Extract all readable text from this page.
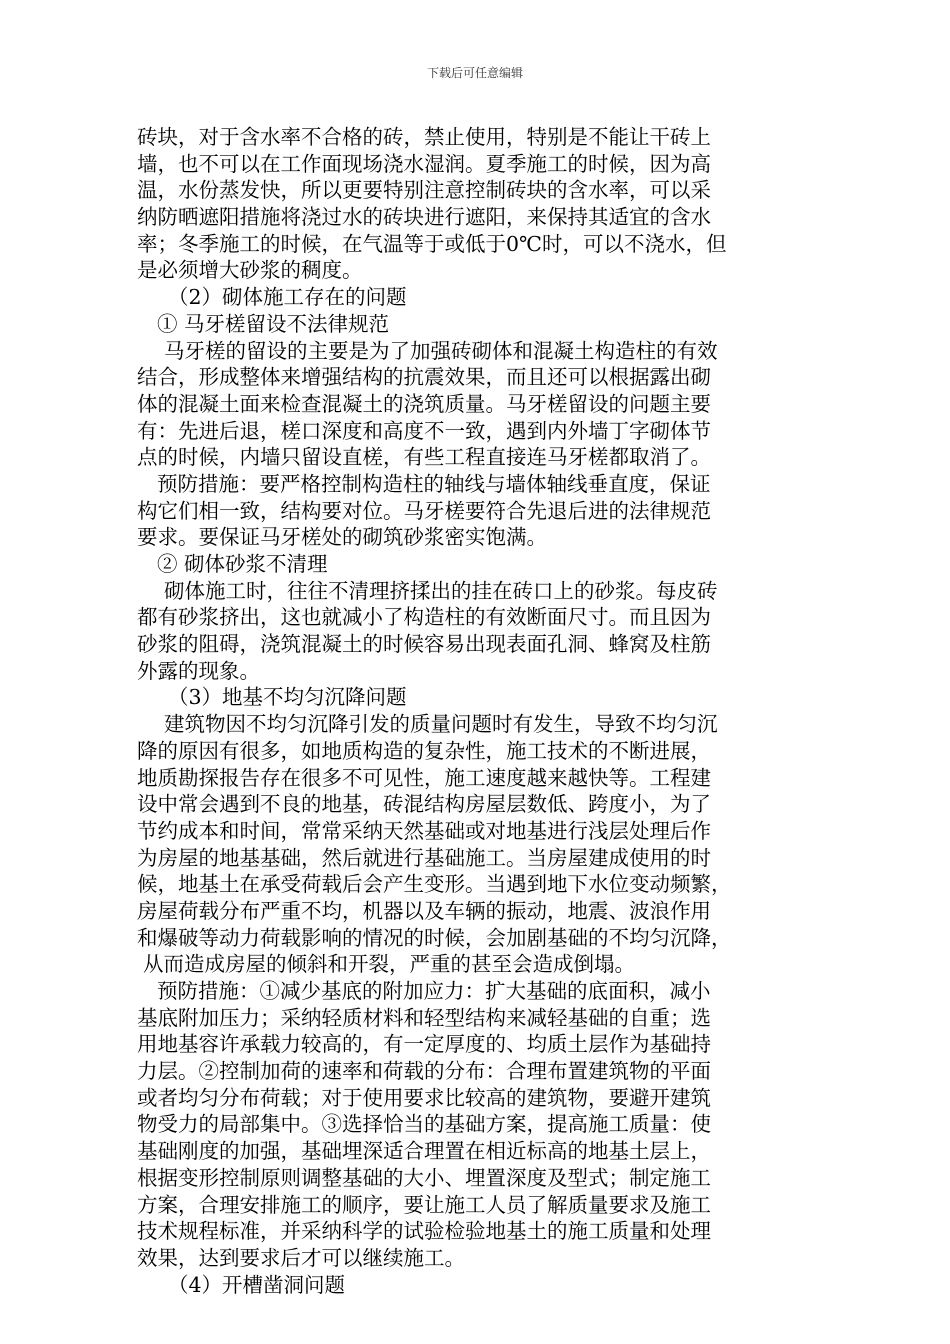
下载后可任意编辑
砖块，对于含水率不合格的砖，禁止使用，特别是不能让干砖上
墙，也不可以在工作面现场浇水湿润。夏季施工的时候，因为高
温，水份蒸发快，所以更要特别注意控制砖块的含水率，可以采
纳防晒遮阳措施将浇过水的砖块进行遮阳，来保持其适宜的含水
率；冬季施工的时候，在气温等于或低于0℃时，可以不浇水，但
是必须增大砂浆的稠度。
（2）砌体施工存在的问题
① 马牙槎留设不法律规范
马牙槎的留设的主要是为了加强砖砌体和混凝土构造柱的有效
结合，形成整体来增强结构的抗震效果，而且还可以根据露出砌
体的混凝土面来检查混凝土的浇筑质量。马牙槎留设的问题主要
有：先进后退，槎口深度和高度不一致，遇到内外墙丁字砌体节
点的时候，内墙只留设直槎，有些工程直接连马牙槎都取消了。
预防措施：要严格控制构造柱的轴线与墙体轴线垂直度，保证
构它们相一致，结构要对位。马牙槎要符合先退后进的法律规范
要求。要保证马牙槎处的砌筑砂浆密实饱满。
② 砌体砂浆不清理
砌体施工时，往往不清理挤揉出的挂在砖口上的砂浆。每皮砖
都有砂浆挤出，这也就减小了构造柱的有效断面尺寸。而且因为
砂浆的阻碍，浇筑混凝土的时候容易出现表面孔洞、蜂窝及柱筋
外露的现象。
（3）地基不均匀沉降问题
建筑物因不均匀沉降引发的质量问题时有发生，导致不均匀沉
降的原因有很多，如地质构造的复杂性，施工技术的不断进展，
地质勘探报告存在很多不可见性，施工速度越来越快等。工程建
设中常会遇到不良的地基，砖混结构房屋层数低、跨度小，为了
节约成本和时间，常常采纳天然基础或对地基进行浅层处理后作
为房屋的地基基础，然后就进行基础施工。当房屋建成使用的时
候，地基土在承受荷载后会产生变形。当遇到地下水位变动频繁，
房屋荷载分布严重不均，机器以及车辆的振动，地震、波浪作用
和爆破等动力荷载影响的情况的时候，会加剧基础的不均匀沉降，
从而造成房屋的倾斜和开裂，严重的甚至会造成倒塌。
预防措施：①减少基底的附加应力：扩大基础的底面积，减小
基底附加压力；采纳轻质材料和轻型结构来减轻基础的自重；选
用地基容许承载力较高的，有一定厚度的、均质土层作为基础持
力层。②控制加荷的速率和荷载的分布：合理布置建筑物的平面
或者均匀分布荷载；对于使用要求比较高的建筑物，要避开建筑
物受力的局部集中。③选择恰当的基础方案，提高施工质量：使
基础刚度的加强，基础埋深适合理置在相近标高的地基土层上，
根据变形控制原则调整基础的大小、埋置深度及型式；制定施工
方案，合理安排施工的顺序，要让施工人员了解质量要求及施工
技术规程标准，并采纳科学的试验检验地基土的施工质量和处理
效果，达到要求后才可以继续施工。
（4）开槽凿洞问题
